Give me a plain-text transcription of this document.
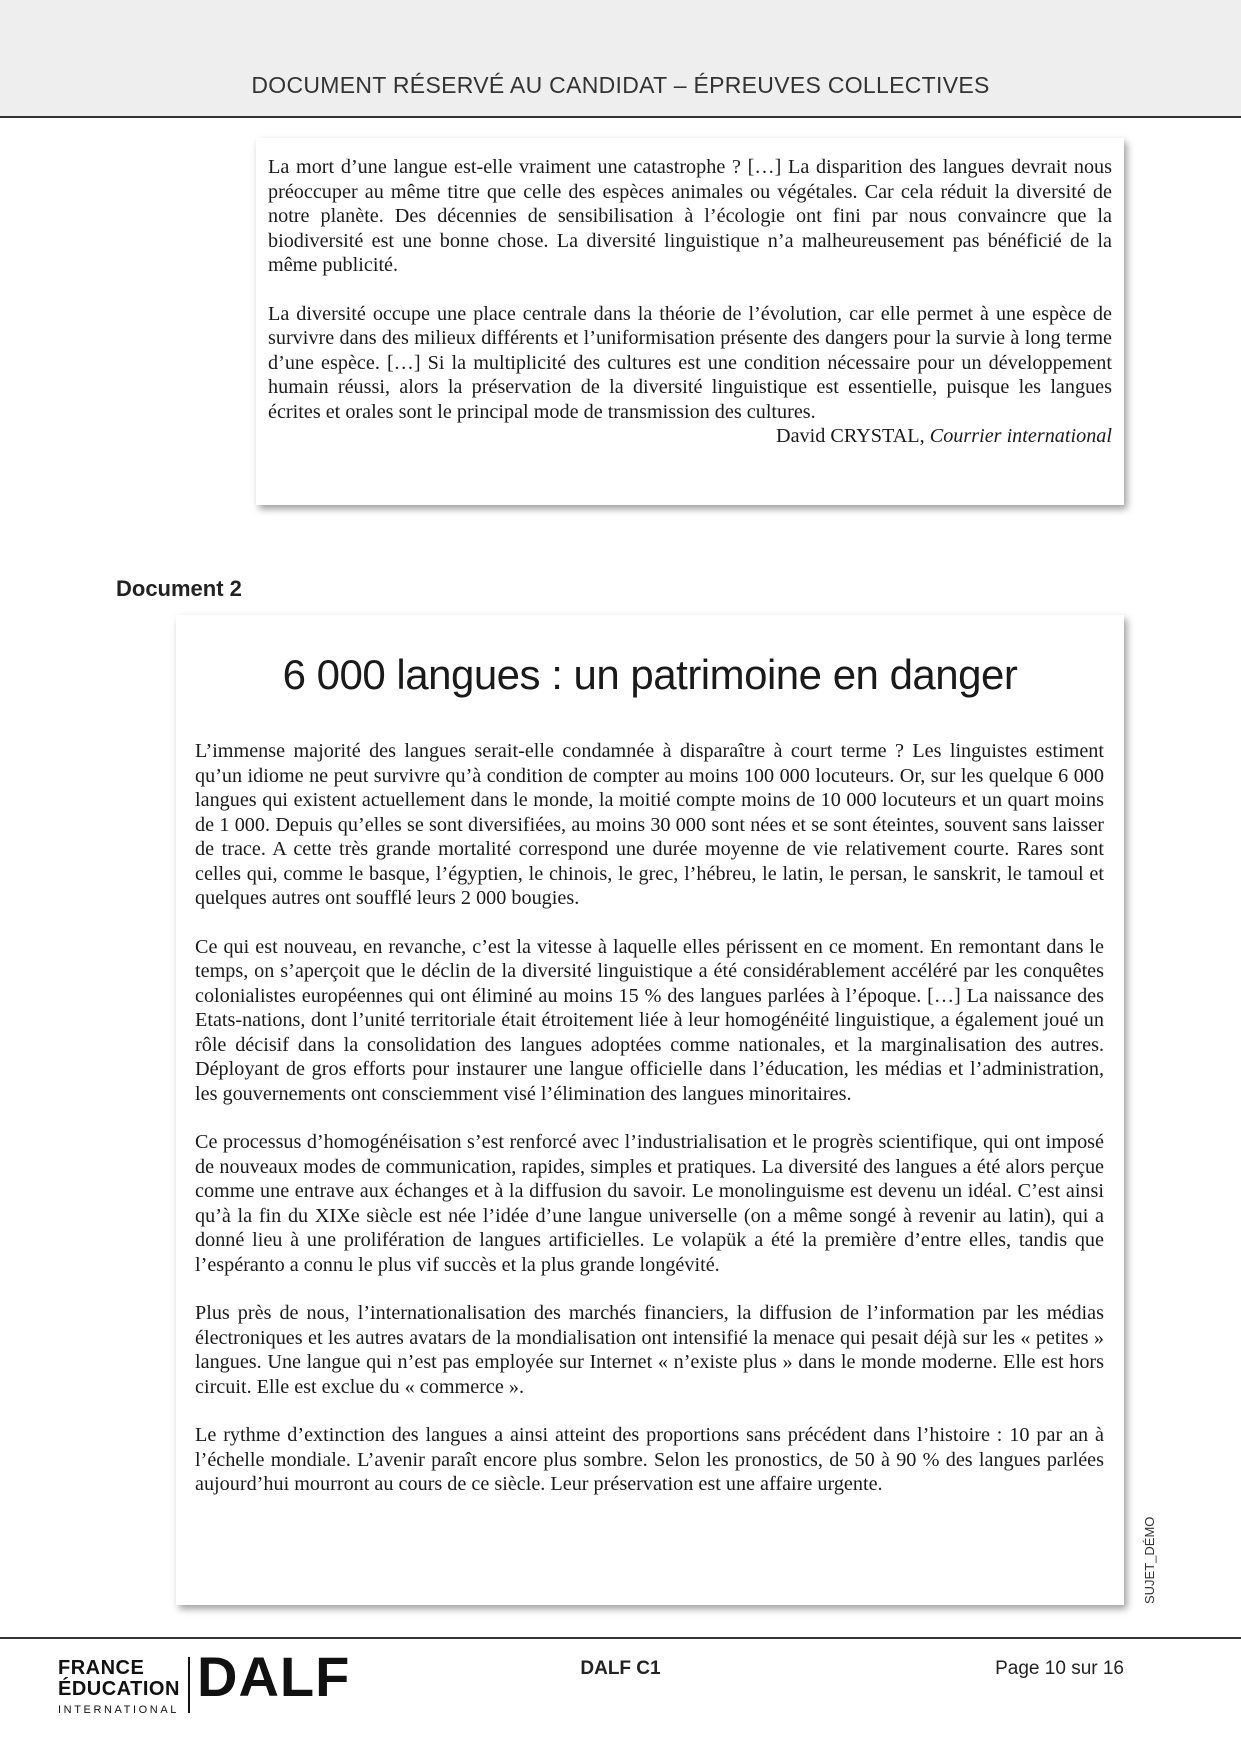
DOCUMENT RÉSERVÉ AU CANDIDAT – ÉPREUVES COLLECTIVES

La mort d’une langue est-elle vraiment une catastrophe ? […] La disparition des langues devrait nous préoccuper au même titre que celle des espèces animales ou végétales. Car cela réduit la diversité de notre planète. Des décennies de sensibilisation à l’écologie ont fini par nous convaincre que la biodiversité est une bonne chose. La diversité linguistique n’a malheureusement pas bénéficié de la même publicité.

La diversité occupe une place centrale dans la théorie de l’évolution, car elle permet à une espèce de survivre dans des milieux différents et l’uniformisation présente des dangers pour la survie à long terme d’une espèce. […] Si la multiplicité des cultures est une condition nécessaire pour un développement humain réussi, alors la préservation de la diversité linguistique est essentielle, puisque les langues écrites et orales sont le principal mode de transmission des cultures.

David CRYSTAL, Courrier international

Document 2
6 000 langues : un patrimoine en danger

L’immense majorité des langues serait-elle condamnée à disparaître à court terme ? Les linguistes estiment qu’un idiome ne peut survivre qu’à condition de compter au moins 100 000 locuteurs. Or, sur les quelque 6 000 langues qui existent actuellement dans le monde, la moitié compte moins de 10 000 locuteurs et un quart moins de 1 000. Depuis qu’elles se sont diversifiées, au moins 30 000 sont nées et se sont éteintes, souvent sans laisser de trace. A cette très grande mortalité correspond une durée moyenne de vie relativement courte. Rares sont celles qui, comme le basque, l’égyptien, le chinois, le grec, l’hébreu, le latin, le persan, le sanskrit, le tamoul et quelques autres ont soufflé leurs 2 000 bougies.

Ce qui est nouveau, en revanche, c’est la vitesse à laquelle elles périssent en ce moment. En remontant dans le temps, on s’aperçoit que le déclin de la diversité linguistique a été considérablement accéléré par les conquêtes colonialistes européennes qui ont éliminé au moins 15 % des langues parlées à l’époque. […] La naissance des Etats-nations, dont l’unité territoriale était étroitement liée à leur homogénéité linguistique, a également joué un rôle décisif dans la consolidation des langues adoptées comme nationales, et la marginalisation des autres. Déployant de gros efforts pour instaurer une langue officielle dans l’éducation, les médias et l’administration, les gouvernements ont consciemment visé l’élimination des langues minoritaires.

Ce processus d’homogénéisation s’est renforcé avec l’industrialisation et le progrès scientifique, qui ont imposé de nouveaux modes de communication, rapides, simples et pratiques. La diversité des langues a été alors perçue comme une entrave aux échanges et à la diffusion du savoir. Le monolinguisme est devenu un idéal. C’est ainsi qu’à la fin du XIXe siècle est née l’idée d’une langue universelle (on a même songé à revenir au latin), qui a donné lieu à une prolifération de langues artificielles. Le volapük a été la première d’entre elles, tandis que l’espéranto a connu le plus vif succès et la plus grande longévité.

Plus près de nous, l’internationalisation des marchés financiers, la diffusion de l’information par les médias électroniques et les autres avatars de la mondialisation ont intensifié la menace qui pesait déjà sur les « petites » langues. Une langue qui n’est pas employée sur Internet « n’existe plus » dans le monde moderne. Elle est hors circuit. Elle est exclue du « commerce ».

Le rythme d’extinction des langues a ainsi atteint des proportions sans précédent dans l’histoire : 10 par an à l’échelle mondiale. L’avenir paraît encore plus sombre. Selon les pronostics, de 50 à 90 % des langues parlées aujourd’hui mourront au cours de ce siècle. Leur préservation est une affaire urgente.

SUJET_DÉMO
FRANCE
ÉDUCATION
INTERNATIONAL
DALF	DALF C1	Page 10 sur 16
